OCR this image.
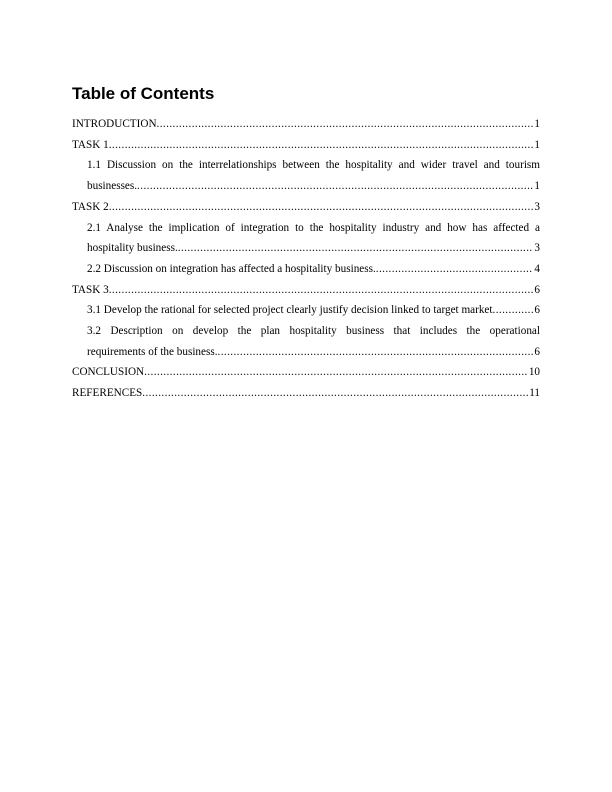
Table of Contents
INTRODUCTION .....	1
TASK 1 .....	1
1.1 Discussion on the interrelationships between the hospitality and wider travel and tourism
businesses. .....	1
TASK 2 .....	3
2.1 Analyse the implication of integration to the hospitality industry and how has affected a
hospitality business. .....	3
2.2 Discussion on integration has affected a hospitality business. .....	4
TASK 3 .....	6
3.1 Develop the rational for selected project clearly justify decision linked to target market .....	6
3.2 Description on develop the plan hospitality business that includes the operational
requirements of the business. .....	6
CONCLUSION .....	10
REFERENCES .....	11
